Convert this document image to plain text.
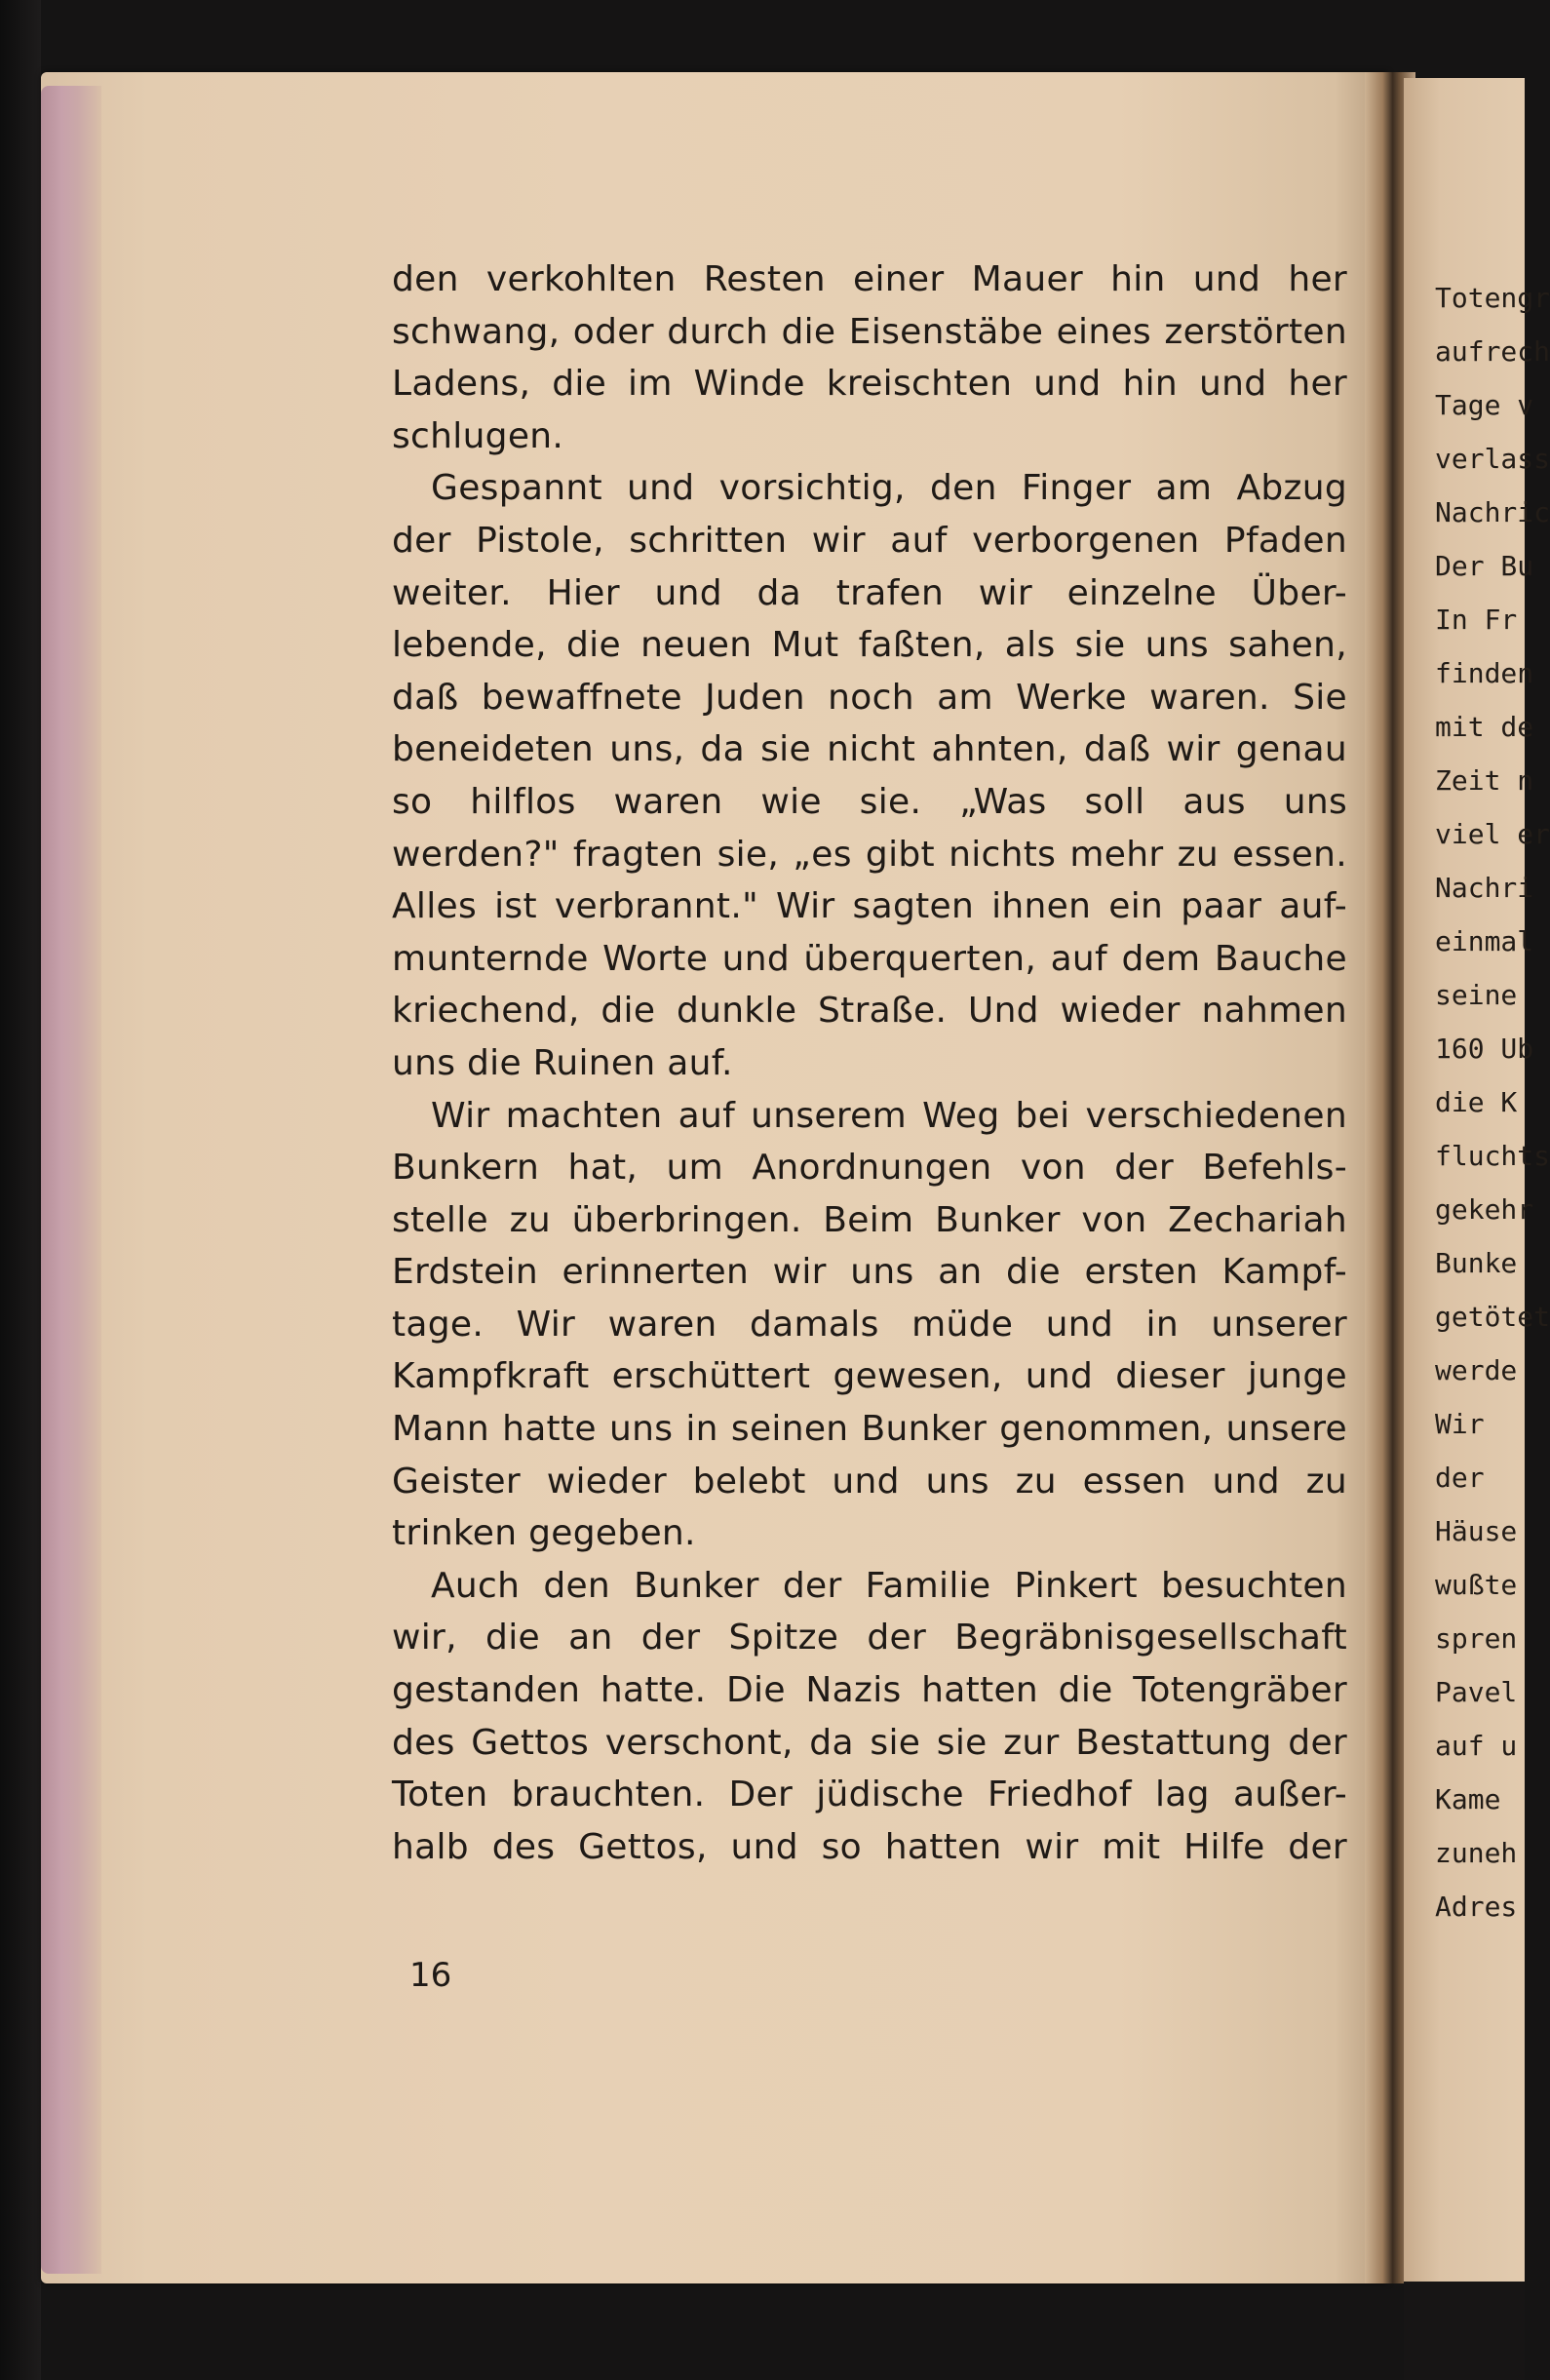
den verkohlten Resten einer Mauer hin und her
schwang, oder durch die Eisenstäbe eines zerstörten
Ladens, die im Winde kreischten und hin und her
schlugen.
Gespannt und vorsichtig, den Finger am Abzug
der Pistole, schritten wir auf verborgenen Pfaden
weiter. Hier und da trafen wir einzelne Über-
lebende, die neuen Mut faßten, als sie uns sahen,
daß bewaffnete Juden noch am Werke waren. Sie
beneideten uns, da sie nicht ahnten, daß wir genau
so hilflos waren wie sie. „Was soll aus uns
werden?" fragten sie, „es gibt nichts mehr zu essen.
Alles ist verbrannt." Wir sagten ihnen ein paar auf-
munternde Worte und überquerten, auf dem Bauche
kriechend, die dunkle Straße. Und wieder nahmen
uns die Ruinen auf.
Wir machten auf unserem Weg bei verschiedenen
Bunkern hat, um Anordnungen von der Befehls-
stelle zu überbringen. Beim Bunker von Zechariah
Erdstein erinnerten wir uns an die ersten Kampf-
tage. Wir waren damals müde und in unserer
Kampfkraft erschüttert gewesen, und dieser junge
Mann hatte uns in seinen Bunker genommen, unsere
Geister wieder belebt und uns zu essen und zu
trinken gegeben.
Auch den Bunker der Familie Pinkert besuchten
wir, die an der Spitze der Begräbnisgesellschaft
gestanden hatte. Die Nazis hatten die Totengräber
des Gettos verschont, da sie sie zur Bestattung der
Toten brauchten. Der jüdische Friedhof lag außer-
halb des Gettos, und so hatten wir mit Hilfe der
16
Totengr
aufrech
Tage v
verlass
Nachric
Der Bu
In Fr
finden
mit de
Zeit n
viel er
Nachri
einmal
seine
160 Ub
die K
fluchts
gekehr
Bunke
getötet
werde
Wir
der
Häuse
wußte
spren
Pavel
auf u
Kame
zuneh
Adres
